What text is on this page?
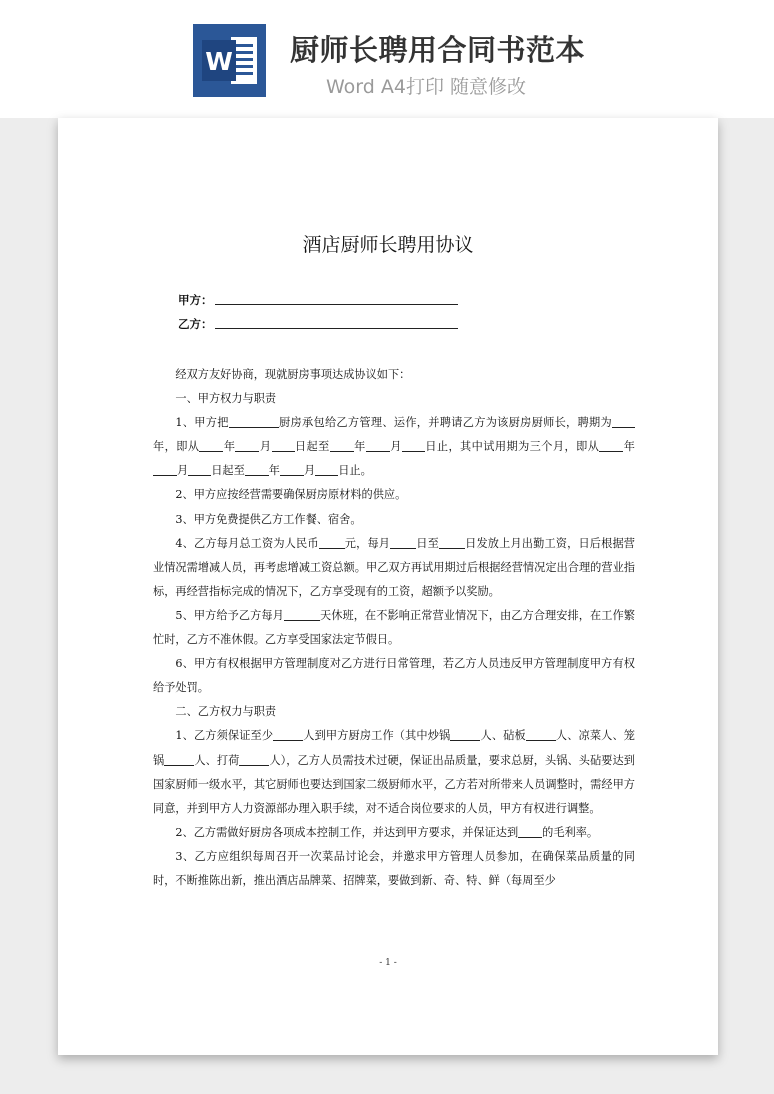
W 厨师长聘用合同书范本
Word A4打印 随意修改
酒店厨师长聘用协议
甲方：
乙方：

经双方友好协商，现就厨房事项达成协议如下：

一、甲方权力与职责

1、甲方把	厨房承包给乙方管理、运作，并聘请乙方为该厨房厨师长，聘期为年，即从 年 月 日起至 年 月 日止，其中试用期为三个月，即从 年月 日起至 年 月 日止。

2、甲方应按经营需要确保厨房原材料的供应。

3、甲方免费提供乙方工作餐、宿舍。

4、乙方每月总工资为人民币 元，每月 日至 日发放上月出勤工资，日后根据营业情况需增减人员，再考虑增减工资总额。甲乙双方再试用期过后根据经营情况定出合理的营业指标，再经营指标完成的情况下，乙方享受现有的工资，超额予以奖励。

5、甲方给予乙方每月	天休班，在不影响正常营业情况下，由乙方合理安排，在工作繁忙时，乙方不准休假。乙方享受国家法定节假日。

6、甲方有权根据甲方管理制度对乙方进行日常管理，若乙方人员违反甲方管理制度甲方有权给予处罚。

二、乙方权力与职责

1、乙方须保证至少	人到甲方厨房工作（其中炒锅	人、砧板	人、凉菜人、笼锅	人、打荷	人），乙方人员需技术过硬，保证出品质量，要求总厨，头锅、头砧要达到国家厨师一级水平，其它厨师也要达到国家二级厨师水平，乙方若对所带来人员调整时，需经甲方同意，并到甲方人力资源部办理入职手续，对不适合岗位要求的人员，甲方有权进行调整。

2、乙方需做好厨房各项成本控制工作，并达到甲方要求，并保证达到 的毛利率。

3、乙方应组织每周召开一次菜品讨论会，并邀求甲方管理人员参加，在确保菜品质量的同时，不断推陈出新，推出酒店品牌菜、招牌菜，要做到新、奇、特、鲜（每周至少

- 1 -
